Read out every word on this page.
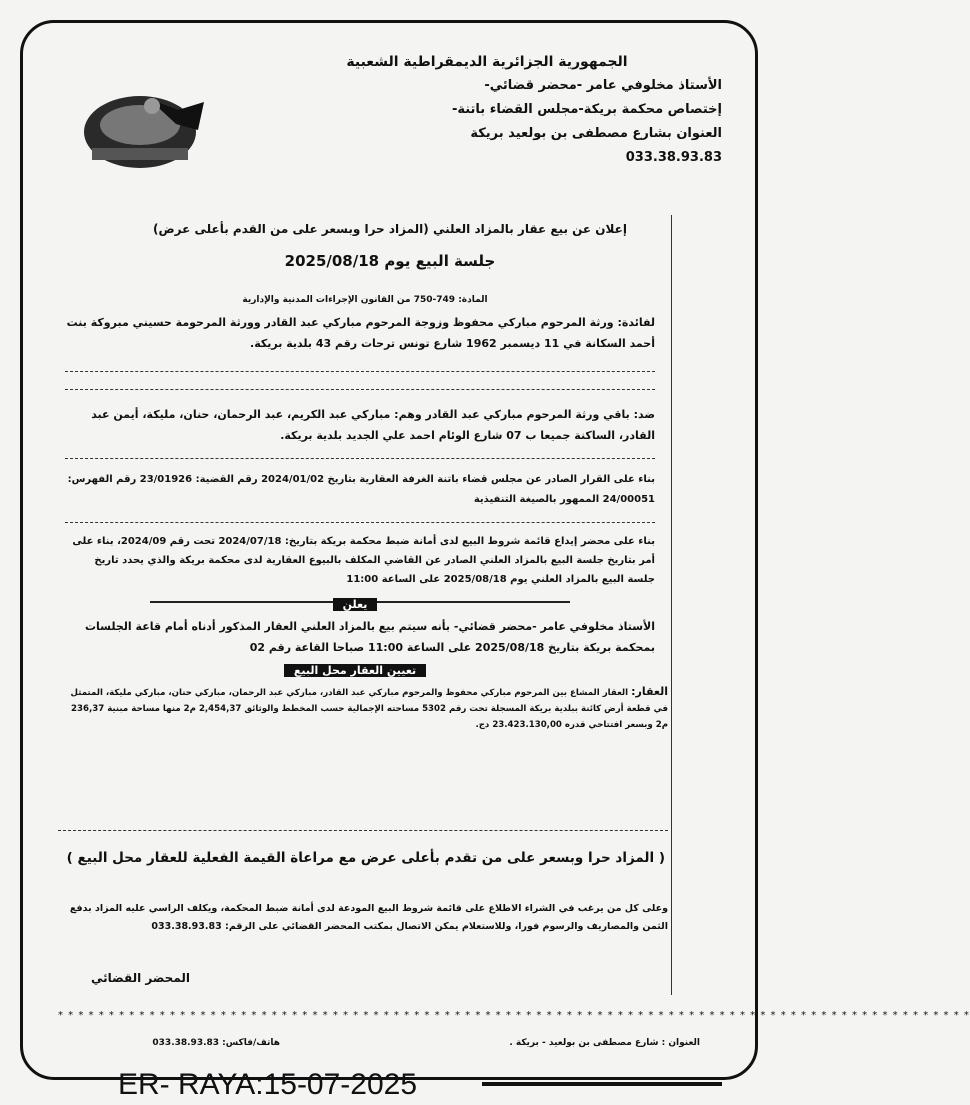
الجمهورية الجزائرية الديمقراطية الشعبية
الأستاذ مخلوفي عامر -محضر قضائي-
إختصاص محكمة بريكة-مجلس القضاء باتنة-
العنوان بشارع مصطفى بن بولعيد بريكة
033.38.93.83
إعلان عن بيع عقار بالمزاد العلني (المزاد حرا وبسعر على من القدم بأعلى عرض)
جلسة البيع يوم 2025/08/18
المادة: 749-750 من القانون الإجراءات المدنية والإدارية
لفائدة: ورثة المرحوم مباركي محفوظ وزوجة المرحوم مباركي عبد القادر وورثة المرحومة حسيني مبروكة بنت أحمد السكانة في 11 ديسمبر 1962 شارع تونس ترحات رقم 43 بلدية بريكة.
ضد: باقي ورثة المرحوم مباركي عبد القادر وهم: مباركي عبد الكريم، عبد الرحمان، حنان، مليكة، أيمن عبد القادر، الساكنة جميعا ب 07 شارع الوئام احمد علي الجديد بلدية بريكة.
بناء على القرار الصادر عن مجلس قضاء باتنة الغرفة العقارية بتاريخ 2024/01/02 رقم القضية: 23/01926 رقم الفهرس: 24/00051 الممهور بالصيغة التنفيذية
بناء على محضر إيداع قائمة شروط البيع لدى أمانة ضبط محكمة بريكة بتاريخ: 2024/07/18 تحت رقم 2024/09، بناء على أمر بتاريخ جلسة البيع بالمزاد العلني الصادر عن القاضي المكلف بالبيوع العقارية لدى محكمة بريكة والذي يحدد تاريخ جلسة البيع بالمزاد العلني يوم 2025/08/18 على الساعة 11:00
يعلن
الأستاذ مخلوفي عامر -محضر قضائي- بأنه سيتم بيع بالمزاد العلني العقار المذكور أدناه أمام قاعة الجلسات بمحكمة بريكة بتاريخ 2025/08/18 على الساعة 11:00 صباحا القاعة رقم 02
تعيين العقار محل البيع
العقار: العقار المشاع بين المرحوم مباركي محفوظ والمرحوم مباركي عبد القادر، مباركي عبد الرحمان، مباركي حنان، مباركي مليكة، المتمثل في قطعة أرض كائنة ببلدية بريكة المسجلة تحت رقم 5302 مساحته الإجمالية حسب المخطط والوثائق 2,454,37 م2 منها مساحة مبنية 236,37 م2 وبسعر افتتاحي قدره 23.423.130,00 دج.
( المزاد حرا وبسعر على من تقدم بأعلى عرض مع مراعاة القيمة الفعلية للعقار محل البيع )
وعلى كل من يرغب في الشراء الاطلاع على قائمة شروط البيع المودعة لدى أمانة ضبط المحكمة، ويكلف الراسي عليه المزاد بدفع الثمن والمصاريف والرسوم فورا، وللاستعلام يمكن الاتصال بمكتب المحضر القضائي على الرقم: 033.38.93.83
المحضر القضائي
* * * * * * * * * * * * * * * * * * * * * * * * * * * * * * * * * * * * * * * * * * * * * * * * * * * * * * * * * * * * * * * * * * * * * * * * * * * * * * * * * * * * * * * * * *
العنوان : شارع مصطفى بن بولعيد - بريكة .
هاتف/فاكس: 033.38.93.83
ER- RAYA:15-07-2025
